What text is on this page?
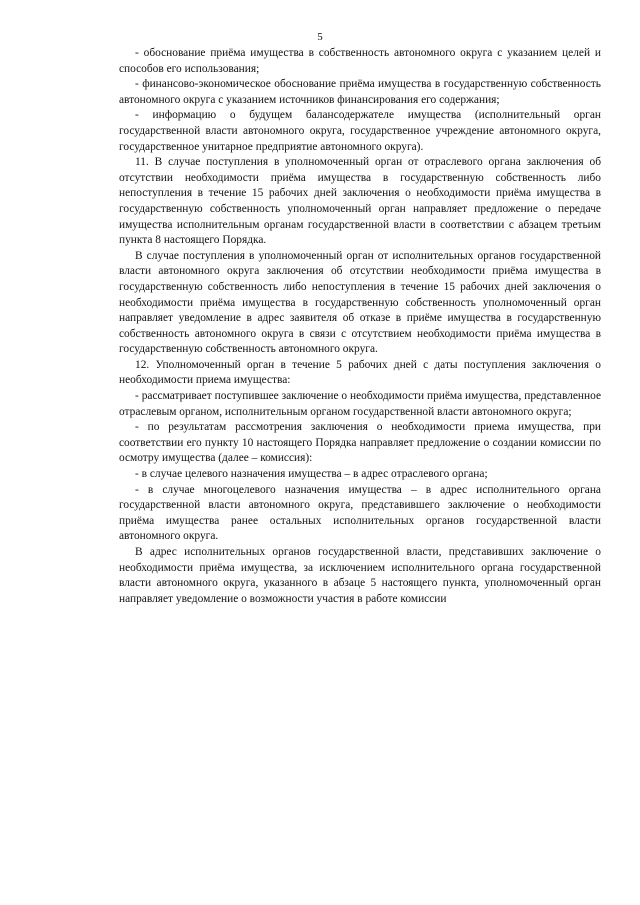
5

- обоснование приёма имущества в собственность автономного округа с указанием целей и способов его использования;

- финансово-экономическое обоснование приёма имущества в государственную собственность автономного округа с указанием источников финансирования его содержания;

- информацию о будущем балансодержателе имущества (исполнительный орган государственной власти автономного округа, государственное учреждение автономного округа, государственное унитарное предприятие автономного округа).

11. В случае поступления в уполномоченный орган от отраслевого органа заключения об отсутствии необходимости приёма имущества в государственную собственность либо непоступления в течение 15 рабочих дней заключения о необходимости приёма имущества в государственную собственность уполномоченный орган направляет предложение о передаче имущества исполнительным органам государственной власти в соответствии с абзацем третьим пункта 8 настоящего Порядка.

В случае поступления в уполномоченный орган от исполнительных органов государственной власти автономного округа заключения об отсутствии необходимости приёма имущества в государственную собственность либо непоступления в течение 15 рабочих дней заключения о необходимости приёма имущества в государственную собственность уполномоченный орган направляет уведомление в адрес заявителя об отказе в приёме имущества в государственную собственность автономного округа в связи с отсутствием необходимости приёма имущества в государственную собственность автономного округа.

12. Уполномоченный орган в течение 5 рабочих дней с даты поступления заключения о необходимости приема имущества:

- рассматривает поступившее заключение о необходимости приёма имущества, представленное отраслевым органом, исполнительным органом государственной власти автономного округа;

- по результатам рассмотрения заключения о необходимости приема имущества, при соответствии его пункту 10 настоящего Порядка направляет предложение о создании комиссии по осмотру имущества (далее – комиссия):

- в случае целевого назначения имущества – в адрес отраслевого органа;

- в случае многоцелевого назначения имущества – в адрес исполнительного органа государственной власти автономного округа, представившего заключение о необходимости приёма имущества ранее остальных исполнительных органов государственной власти автономного округа.

В адрес исполнительных органов государственной власти, представивших заключение о необходимости приёма имущества, за исключением исполнительного органа государственной власти автономного округа, указанного в абзаце 5 настоящего пункта, уполномоченный орган направляет уведомление о возможности участия в работе комиссии
